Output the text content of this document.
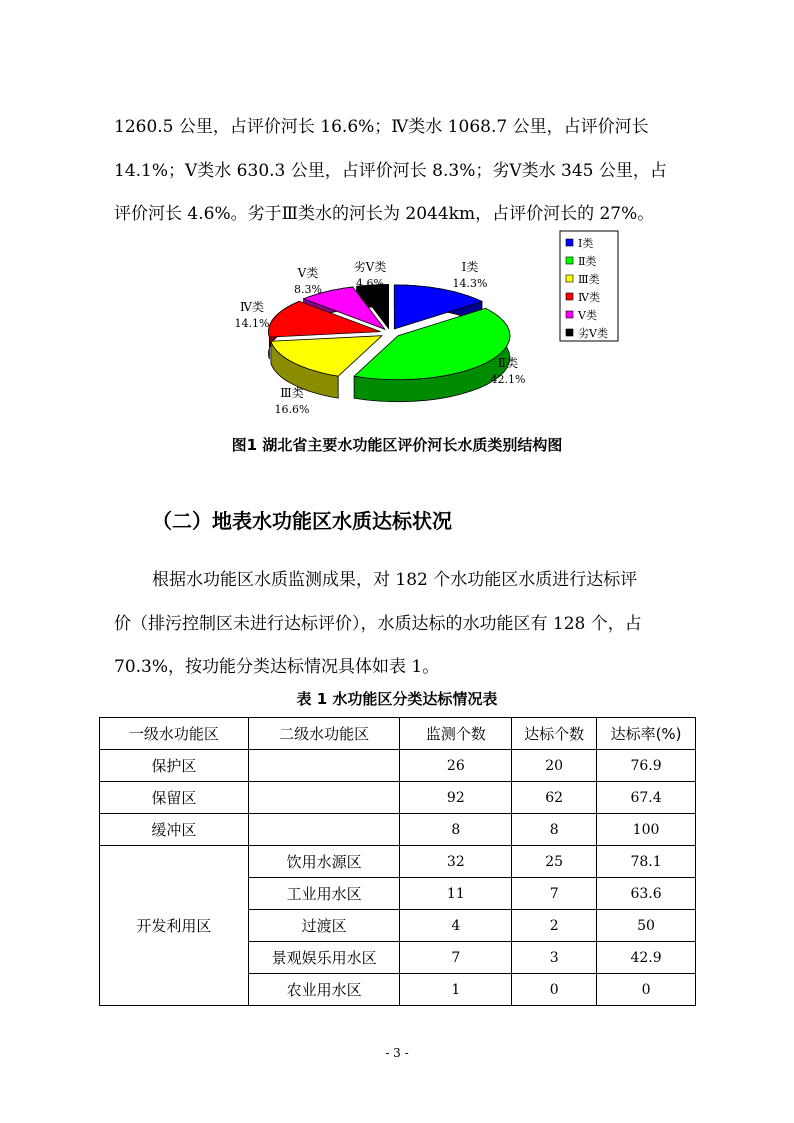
1260.5 公里，占评价河长 16.6%；Ⅳ类水 1068.7 公里，占评价河长
14.1%；Ⅴ类水 630.3 公里，占评价河长 8.3%；劣Ⅴ类水 345 公里，占
评价河长 4.6%。劣于Ⅲ类水的河长为 2044km，占评价河长的 27%。
Ⅰ类
14.3%
Ⅱ类
42.1%
Ⅲ类
16.6%
Ⅳ类
14.1%
Ⅴ类
8.3%
劣Ⅴ类
4.6%
Ⅰ类
Ⅱ类
Ⅲ类
Ⅳ类
Ⅴ类
劣Ⅴ类
图1 湖北省主要水功能区评价河长水质类别结构图
（二）地表水功能区水质达标状况
根据水功能区水质监测成果，对 182 个水功能区水质进行达标评
价（排污控制区未进行达标评价），水质达标的水功能区有 128 个，占
70.3%，按功能分类达标情况具体如表 1。
表 1 水功能区分类达标情况表
一级水功能区	二级水功能区	监测个数	达标个数	达标率(%)
保护区		26	20	76.9
保留区		92	62	67.4
缓冲区		8	8	100
开发利用区	饮用水源区	32	25	78.1
	工业用水区	11	7	63.6
	过渡区	4	2	50
	景观娱乐用水区	7	3	42.9
	农业用水区	1	0	0
- 3 -
